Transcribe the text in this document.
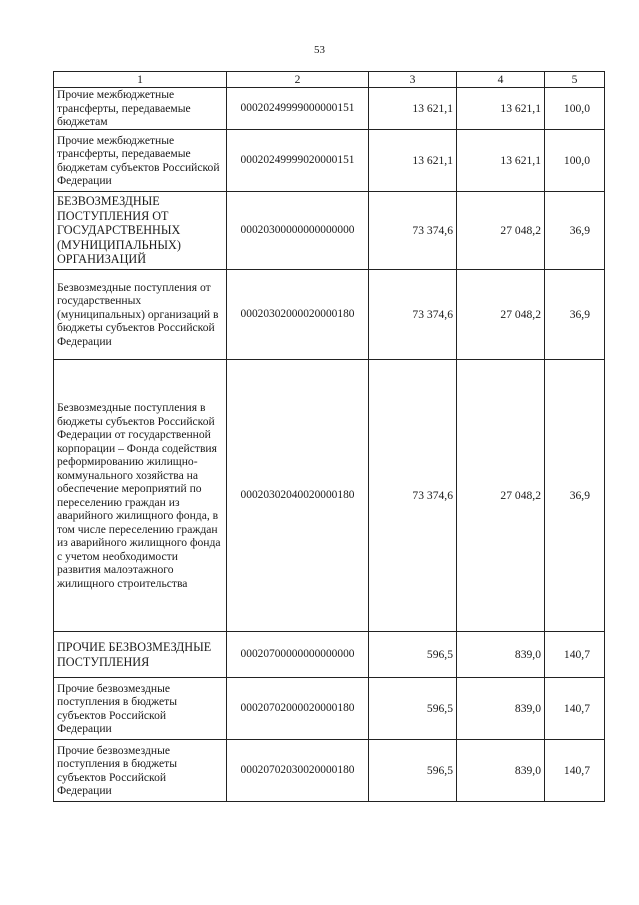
53
1	2	3	4	5
Прочие межбюджетные трансферты, передаваемые бюджетам	00020249999000000151	13 621,1	13 621,1	100,0
Прочие межбюджетные трансферты, передаваемые бюджетам субъектов Российской Федерации	00020249999020000151	13 621,1	13 621,1	100,0
БЕЗВОЗМЕЗДНЫЕ ПОСТУПЛЕНИЯ ОТ ГОСУДАРСТВЕННЫХ (МУНИЦИПАЛЬНЫХ) ОРГАНИЗАЦИЙ	00020300000000000000	73 374,6	27 048,2	36,9
Безвозмездные поступления от государственных (муниципальных) организаций в бюджеты субъектов Российской Федерации	00020302000020000180	73 374,6	27 048,2	36,9
Безвозмездные поступления в бюджеты субъектов Российской Федерации от государственной корпорации – Фонда содействия реформированию жилищно-коммунального хозяйства на обеспечение мероприятий по переселению граждан из аварийного жилищного фонда, в том числе переселению граждан из аварийного жилищного фонда с учетом необходимости развития малоэтажного жилищного строительства	00020302040020000180	73 374,6	27 048,2	36,9
ПРОЧИЕ БЕЗВОЗМЕЗДНЫЕ ПОСТУПЛЕНИЯ	00020700000000000000	596,5	839,0	140,7
Прочие безвозмездные поступления в бюджеты субъектов Российской Федерации	00020702000020000180	596,5	839,0	140,7
Прочие безвозмездные поступления в бюджеты субъектов Российской Федерации	00020702030020000180	596,5	839,0	140,7
